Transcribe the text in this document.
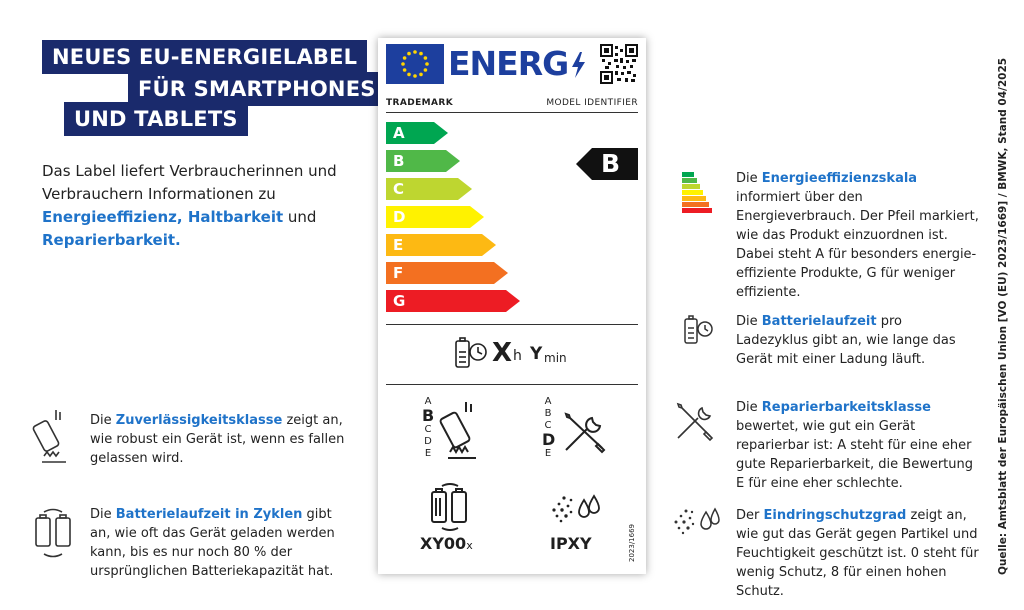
NEUES EU-ENERGIELABEL
FÜR SMARTPHONES
UND TABLETS

Das Label liefert Verbraucherinnen und Verbrauchern Informationen zu Energieeffizienz, Haltbarkeit und Reparierbarkeit.

Die Zuverlässigkeitsklasse zeigt an, wie robust ein Gerät ist, wenn es fallen gelassen wird.

Die Batterielaufzeit in Zyklen gibt an, wie oft das Gerät geladen werden kann, bis es nur noch 80 % der ursprünglichen Batteriekapazität hat.

ENERG
TRADEMARK	MODEL IDENTIFIER
A
B
C
D
E
F
G
B
X h Y min
A
B
C
D
E
A
B
C
D
E
XY00x	IPXY	2023/1669

Die Energieeffizienzskala informiert über den Energieverbrauch. Der Pfeil markiert, wie das Produkt einzuordnen ist. Dabei steht A für besonders energie-effiziente Produkte, G für weniger effiziente.

Die Batterielaufzeit pro Ladezyklus gibt an, wie lange das Gerät mit einer Ladung läuft.

Die Reparierbarkeitsklasse bewertet, wie gut ein Gerät reparierbar ist: A steht für eine eher gute Reparierbarkeit, die Bewertung E für eine eher schlechte.

Der Eindringschutzgrad zeigt an, wie gut das Gerät gegen Partikel und Feuchtigkeit geschützt ist. 0 steht für wenig Schutz, 8 für einen hohen Schutz.

Quelle: Amtsblatt der Europäischen Union [VO (EU) 2023/1669] / BMWK, Stand 04/2025
